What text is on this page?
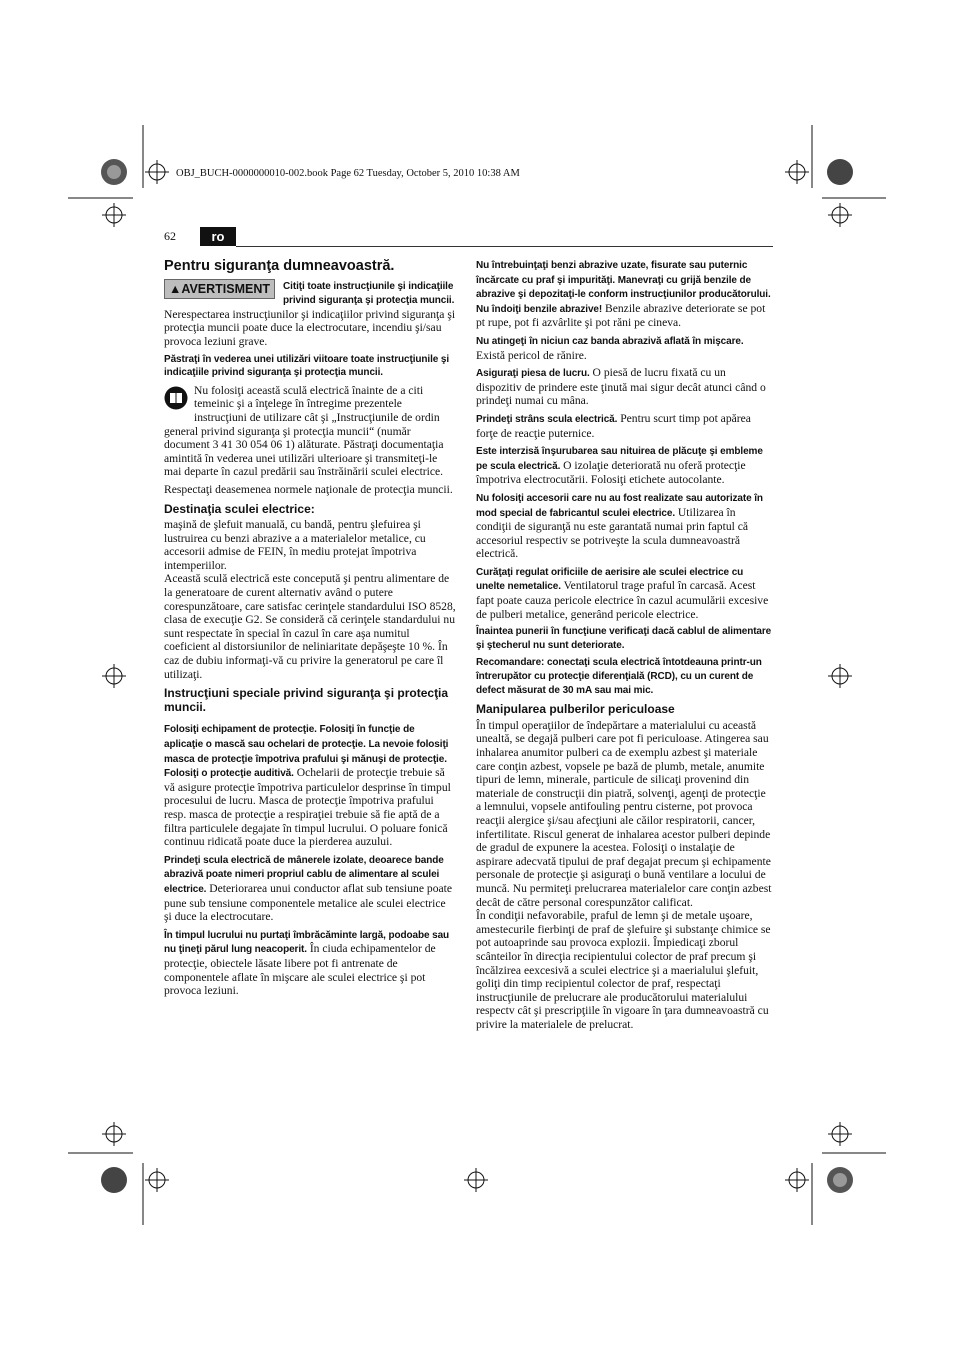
OBJ_BUCH-0000000010-002.book Page 62 Tuesday, October 5, 2010 10:38 AM
62	ro
Pentru siguranţa dumneavoastră.

▲AVERTISMENT	Citiţi toate instrucţiunile şi indicaţiile privind siguranţa şi protecţia muncii. Nerespectarea instrucţiunilor şi indicaţiilor privind siguranţa şi protecţia muncii poate duce la electrocutare, incendiu şi/sau provoca leziuni grave.

Păstraţi în vederea unei utilizări viitoare toate instrucţiunile şi indicaţiile privind siguranţa şi protecţia muncii.

Nu folosiţi această sculă electrică înainte de a citi temeinic şi a înţelege în întregime prezentele instrucţiuni de utilizare cât şi „Instrucţiunile de ordin general privind siguranţa şi protecţia muncii“ (număr document 3 41 30 054 06 1) alăturate. Păstraţi documentaţia amintită în vederea unei utilizări ulterioare şi transmiteţi-le mai departe în cazul predării sau înstrăinării sculei electrice.

Respectaţi deasemenea normele naţionale de protecţia muncii.

Destinaţia sculei electrice:

maşină de şlefuit manuală, cu bandă, pentru şlefuirea şi lustruirea cu benzi abrazive a a materialelor metalice, cu accesorii admise de FEIN, în mediu protejat împotriva intemperiilor.

Această sculă electrică este concepută şi pentru alimentare de la generatoare de curent alternativ având o putere corespunzătoare, care satisfac cerinţele standardului ISO 8528, clasa de execuţie G2. Se consideră că cerinţele standardului nu sunt respectate în special în cazul în care aşa numitul coeficient al distorsiunilor de neliniaritate depăşeşte 10 %. În caz de dubiu informaţi-vă cu privire la generatorul pe care îl utilizaţi.

Instrucţiuni speciale privind siguranţa şi protecţia muncii.

Folosiţi echipament de protecţie. Folosiţi în funcţie de aplicaţie o mască sau ochelari de protecţie. La nevoie folosiţi masca de protecţie împotriva prafului şi mănuşi de protecţie. Folosiţi o protecţie auditivă. Ochelarii de protecţie trebuie să vă asigure protecţie împotriva particulelor desprinse în timpul procesului de lucru. Masca de protecţie împotriva prafului resp. masca de protecţie a respiraţiei trebuie să fie aptă de a filtra particulele degajate în timpul lucrului. O poluare fonică continuu ridicată poate duce la pierderea auzului.

Prindeţi scula electrică de mânerele izolate, deoarece bande abrazivă poate nimeri propriul cablu de alimentare al sculei electrice. Deteriorarea unui conductor aflat sub tensiune poate pune sub tensiune componentele metalice ale sculei electrice şi duce la electrocutare.

În timpul lucrului nu purtaţi îmbrăcăminte largă, podoabe sau nu ţineţi părul lung neacoperit. În ciuda echipamentelor de protecţie, obiectele lăsate libere pot fi antrenate de componentele aflate în mişcare ale sculei electrice şi pot provoca leziuni.

Nu întrebuinţaţi benzi abrazive uzate, fisurate sau puternic încărcate cu praf şi impurităţi. Manevraţi cu grijă benzile de abrazive şi depozitaţi-le conform instrucţiunilor producătorului. Nu îndoiţi benzile abrazive! Benzile abrazive deteriorate se pot pt rupe, pot fi azvârlite şi pot răni pe cineva.

Nu atingeţi în niciun caz banda abrazivă aflată în mişcare. Există pericol de rănire.

Asiguraţi piesa de lucru. O piesă de lucru fixată cu un dispozitiv de prindere este ţinută mai sigur decât atunci când o prindeţi numai cu mâna.

Prindeţi strâns scula electrică. Pentru scurt timp pot apărea forţe de reacţie puternice.

Este interzisă înşurubarea sau nituirea de plăcuţe şi embleme pe scula electrică. O izolaţie deteriorată nu oferă protecţie împotriva electrocutării. Folosiţi etichete autocolante.

Nu folosiţi accesorii care nu au fost realizate sau autorizate în mod special de fabricantul sculei electrice. Utilizarea în condiţii de siguranţă nu este garantată numai prin faptul că accesoriul respectiv se potriveşte la scula dumneavoastră electrică.

Curăţaţi regulat orificiile de aerisire ale sculei electrice cu unelte nemetalice. Ventilatorul trage praful în carcasă. Acest fapt poate cauza pericole electrice în cazul acumulării excesive de pulberi metalice, generând pericole electrice.

Înaintea punerii în funcţiune verificaţi dacă cablul de alimentare şi ştecherul nu sunt deteriorate.

Recomandare: conectaţi scula electrică întotdeauna printr-un întrerupător cu protecţie diferenţială (RCD), cu un curent de defect măsurat de 30 mA sau mai mic.

Manipularea pulberilor periculoase

În timpul operaţiilor de îndepărtare a materialului cu această unealtă, se degajă pulberi care pot fi periculoase. Atingerea sau inhalarea anumitor pulberi ca de exemplu azbest şi materiale care conţin azbest, vopsele pe bază de plumb, metale, anumite tipuri de lemn, minerale, particule de silicaţi provenind din materiale de construcţii din piatră, solvenţi, agenţi de protecţie a lemnului, vopsele antifouling pentru cisterne, pot provoca reacţii alergice şi/sau afecţiuni ale căilor respiratorii, cancer, infertilitate. Riscul generat de inhalarea acestor pulberi depinde de gradul de expunere la acestea. Folosiţi o instalaţie de aspirare adecvată tipului de praf degajat precum şi echipamente personale de protecţie şi asiguraţi o bună ventilare a locului de muncă. Nu permiteţi prelucrarea materialelor care conţin azbest decât de către personal corespunzător calificat.

În condiţii nefavorabile, praful de lemn şi de metale uşoare, amestecurile fierbinţi de praf de şlefuire şi substanţe chimice se pot autoaprinde sau provoca explozii. Împiedicaţi zborul scânteilor în direcţia recipientului colector de praf precum şi încălzirea eexcesivă a sculei electrice şi a maerialului şlefuit, goliţi din timp recipientul colector de praf, respectaţi instrucţiunile de prelucrare ale producătorului materialului respectv cât şi prescripţiile în vigoare în ţara dumneavoastră cu privire la materialele de prelucrat.
